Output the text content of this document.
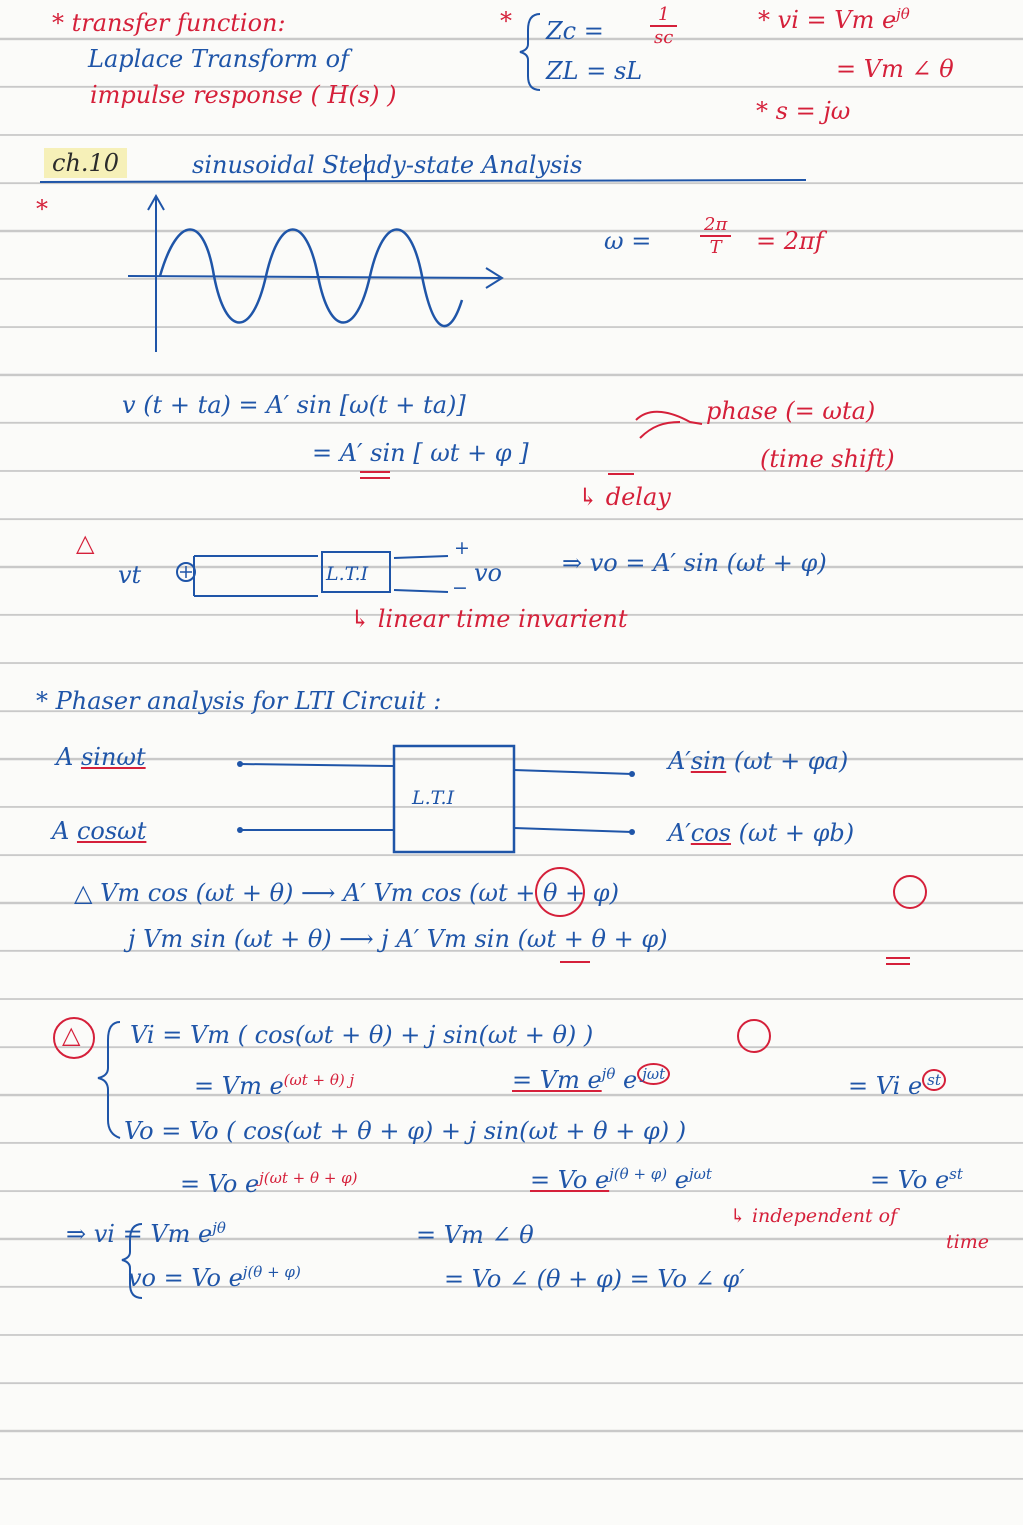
* transfer function:
Laplace Transform of
impulse response ( H(s) )
* Zc =	$\frac{1}{sc}$
ZL = sL
* vi = Vm $e^{j\theta}$
= Vm ∠ θ
* s = jω
ch.10	sinusoidal Steady-state Analysis
*
ω =	$\frac{2\pi}{T} = 2\pi f$
v (t + ta) = A′ sin [ω(t + ta)]
= A′ sin [ ωt + φ ]
phase (= ωta)
(time shift)
↳ delay
△
vt	L.T.I
+
−
vo ⇒ vo = A′ sin (ωt + φ)
↳ linear time invarient
* Phaser analysis for LTI Circuit :
A sinωt
A cosωt
L.T.I
A′sin (ωt + φa)
A′cos (ωt + φb)
△ Vm cos (ωt + θ) ⟶ A′ Vm cos (ωt + θ + φ)
j Vm sin (ωt + θ) ⟶ j A′ Vm sin (ωt + θ + φ)
△ Vi = Vm ( cos(ωt + θ) + j sin(ωt + θ) )
= Vm $e^{(\omega t + \theta) j}$	= Vm $e^{j\theta}$ e $^{j\omega t}$	= Vi e $^{st}$
Vo = Vo ( cos(ωt + θ + φ) + j sin(ωt + θ + φ) )
= Vo $e^{j(\omega t + \theta + \varphi)}$	= Vo $e^{j(\theta + \varphi)}$ $e^{j\omega t}$	= Vo $e^{st}$
↳ independent of
time
⇒ vi = Vm $e^{j\theta}$	= Vm ∠ θ
vo = Vo $e^{j(\theta + \varphi)}$	= Vo ∠ (θ + φ) = Vo ∠ φ′
